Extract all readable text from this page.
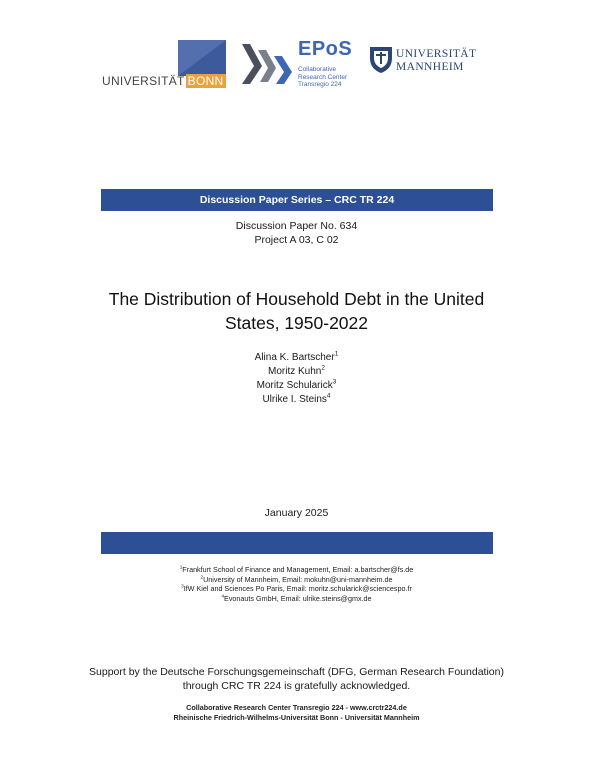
UNIVERSITÄT BONN
EPoS
Collaborative
Research Center
Transregio 224
UNIVERSITÄT
MANNHEIM
Discussion Paper Series – CRC TR 224
Discussion Paper No. 634
Project A 03, C 02
The Distribution of Household Debt in the United
States, 1950-2022
Alina K. Bartscher$^1$
Moritz Kuhn$^2$
Moritz Schularick$^3$
Ulrike I. Steins$^4$
January 2025
$^1$Frankfurt School of Finance and Management, Email: a.bartscher@fs.de
$^2$University of Mannheim, Email: mokuhn@uni-mannheim.de
$^3$IfW Kiel and Sciences Po Paris, Email: moritz.schularick@sciencespo.fr
$^4$Evonauts GmbH, Email: ulrike.steins@gmx.de
Support by the Deutsche Forschungsgemeinschaft (DFG, German Research Foundation)
through CRC TR 224 is gratefully acknowledged.
Collaborative Research Center Transregio 224 - www.crctr224.de
Rheinische Friedrich-Wilhelms-Universität Bonn - Universität Mannheim
